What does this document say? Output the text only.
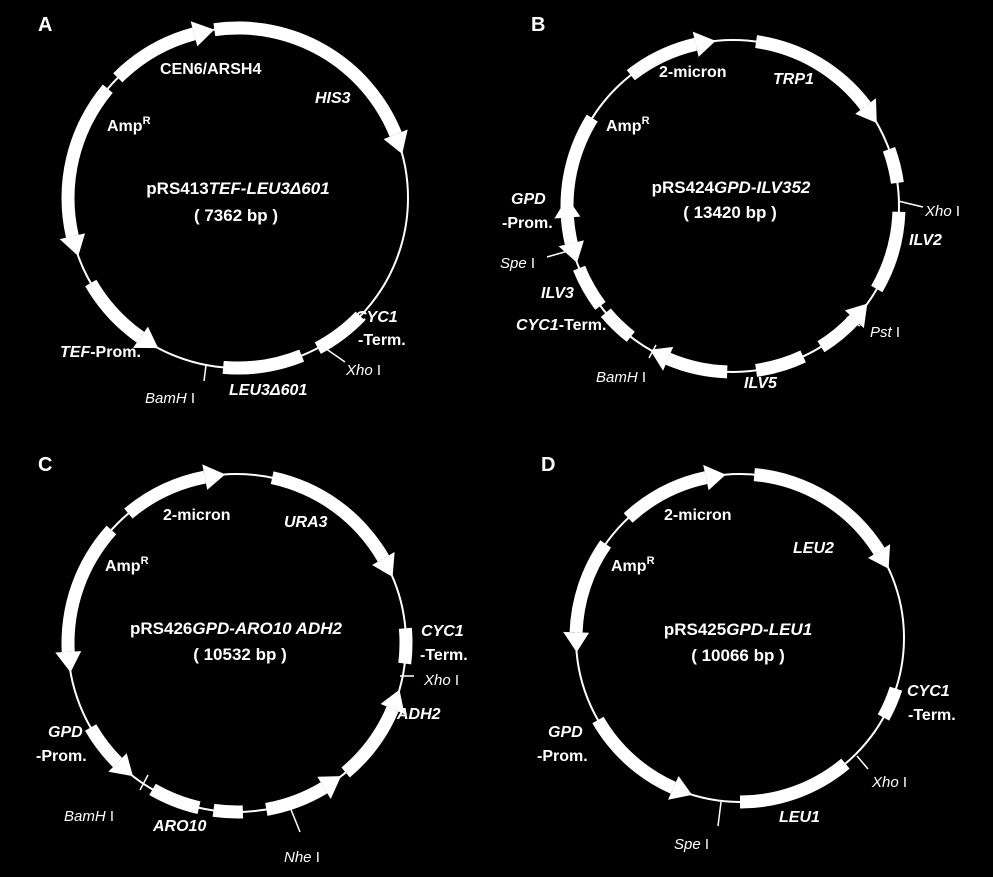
A
CEN6/ARSH4
HIS3
Amp$^R$
pRS413TEF-LEU3Δ601
( 7362 bp )
CYC1
-Term.
TEF-Prom.
Xho I
BamH I LEU3Δ601
B
2-micron	TRP1
Amp$^R$
pRS424GPD-ILV352
( 13420 bp )
GPD
-Prom.
Xho I
ILV2
Spe I
ILV3
CYC1-Term.	Pst I
BamH I	ILV5
C
2-micron	URA3
Amp$^R$
pRS426GPD-ARO10 ADH2
( 10532 bp )
CYC1
-Term.
Xho I
ADH2
GPD
-Prom.
BamH I
ARO10
Nhe I
D
2-micron
LEU2
Amp$^R$
pRS425GPD-LEU1
( 10066 bp )
CYC1
-Term.
GPD
-Prom.
Xho I
LEU1
Spe I
